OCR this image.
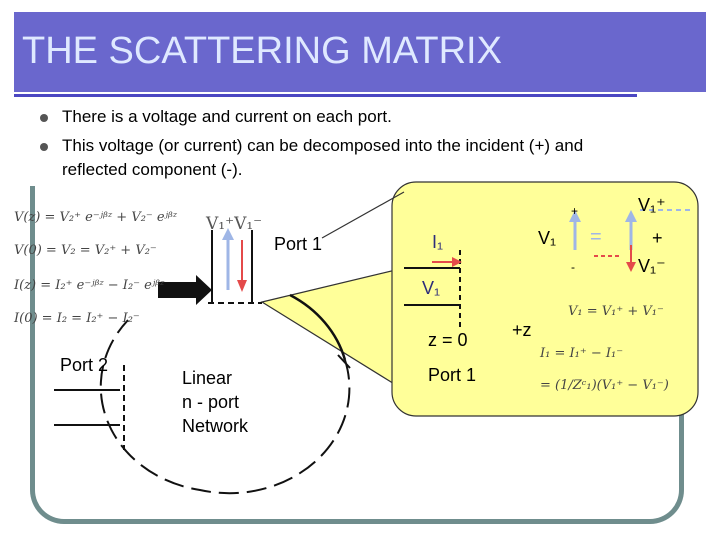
THE SCATTERING MATRIX
There is a voltage and current on each port.
This voltage (or current) can be decomposed into the incident (+) and
reflected component (-).
V(z) = V₂⁺ e⁻ʲᵝᶻ + V₂⁻ eʲᵝᶻ
V(0) = V₂ = V₂⁺ + V₂⁻
I(z) = I₂⁺ e⁻ʲᵝᶻ − I₂⁻ eʲᵝᶻ
I(0) = I₂ = I₂⁺ − I₂⁻
V₁⁺V₁⁻
Port 1
Port 2
Linear
n - port
Network
I₁
V₁
z = 0
Port 1
+z
+
-
V₁ =
V₁⁺
+
V₁⁻
V₁ = V₁⁺ + V₁⁻
I₁ = I₁⁺ − I₁⁻
= (1/Zᶜ₁)(V₁⁺ − V₁⁻)
